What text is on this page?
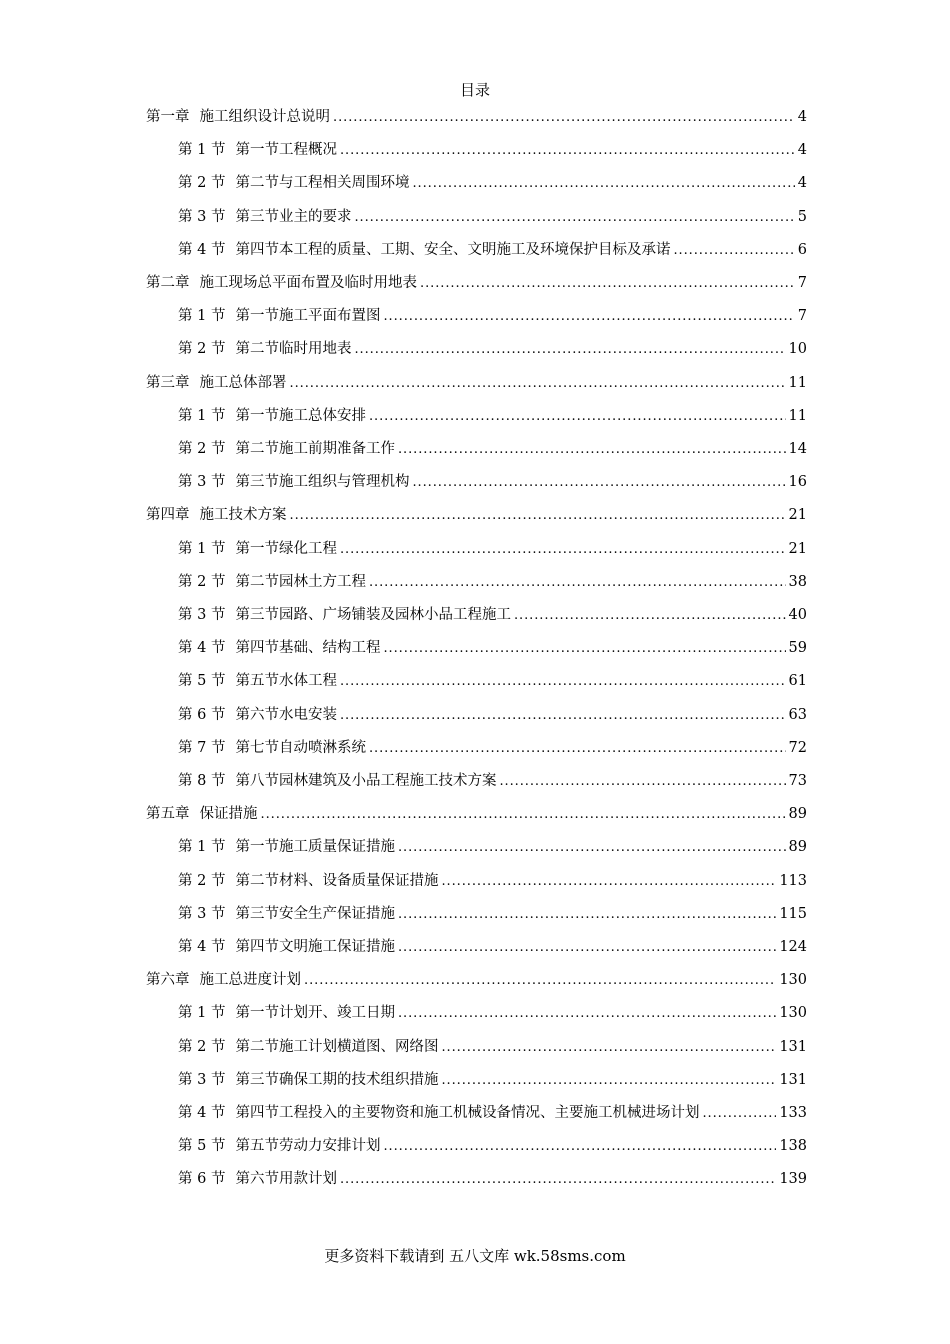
目录
第一章 施工组织设计总说明 . . .	4
第 1 节 第一节工程概况 . . .	4
第 2 节 第二节与工程相关周围环境 . . .	4
第 3 节 第三节业主的要求 . . .	5
第 4 节 第四节本工程的质量、工期、安全、文明施工及环境保护目标及承诺 . . .	6
第二章 施工现场总平面布置及临时用地表 . . .	7
第 1 节 第一节施工平面布置图 . . .	7
第 2 节 第二节临时用地表 . . .	10
第三章 施工总体部署 . . .	11
第 1 节 第一节施工总体安排 . . .	11
第 2 节 第二节施工前期准备工作 . . .	14
第 3 节 第三节施工组织与管理机构 . . .	16
第四章 施工技术方案 . . .	21
第 1 节 第一节绿化工程 . . .	21
第 2 节 第二节园林土方工程 . . .	38
第 3 节 第三节园路、广场铺装及园林小品工程施工 . . .	40
第 4 节 第四节基础、结构工程 . . .	59
第 5 节 第五节水体工程 . . .	61
第 6 节 第六节水电安装 . . .	63
第 7 节 第七节自动喷淋系统 . . .	72
第 8 节 第八节园林建筑及小品工程施工技术方案 . . .	73
第五章 保证措施 . . .	89
第 1 节 第一节施工质量保证措施 . . .	89
第 2 节 第二节材料、设备质量保证措施 . . .	113
第 3 节 第三节安全生产保证措施 . . .	115
第 4 节 第四节文明施工保证措施 . . .	124
第六章 施工总进度计划 . . .	130
第 1 节 第一节计划开、竣工日期 . . .	130
第 2 节 第二节施工计划横道图、网络图 . . .	131
第 3 节 第三节确保工期的技术组织措施 . . .	131
第 4 节 第四节工程投入的主要物资和施工机械设备情况、主要施工机械进场计划 . . .	133
第 5 节 第五节劳动力安排计划 . . .	138
第 6 节 第六节用款计划 . . .	139
更多资料下载请到 五八文库 wk.58sms.com
